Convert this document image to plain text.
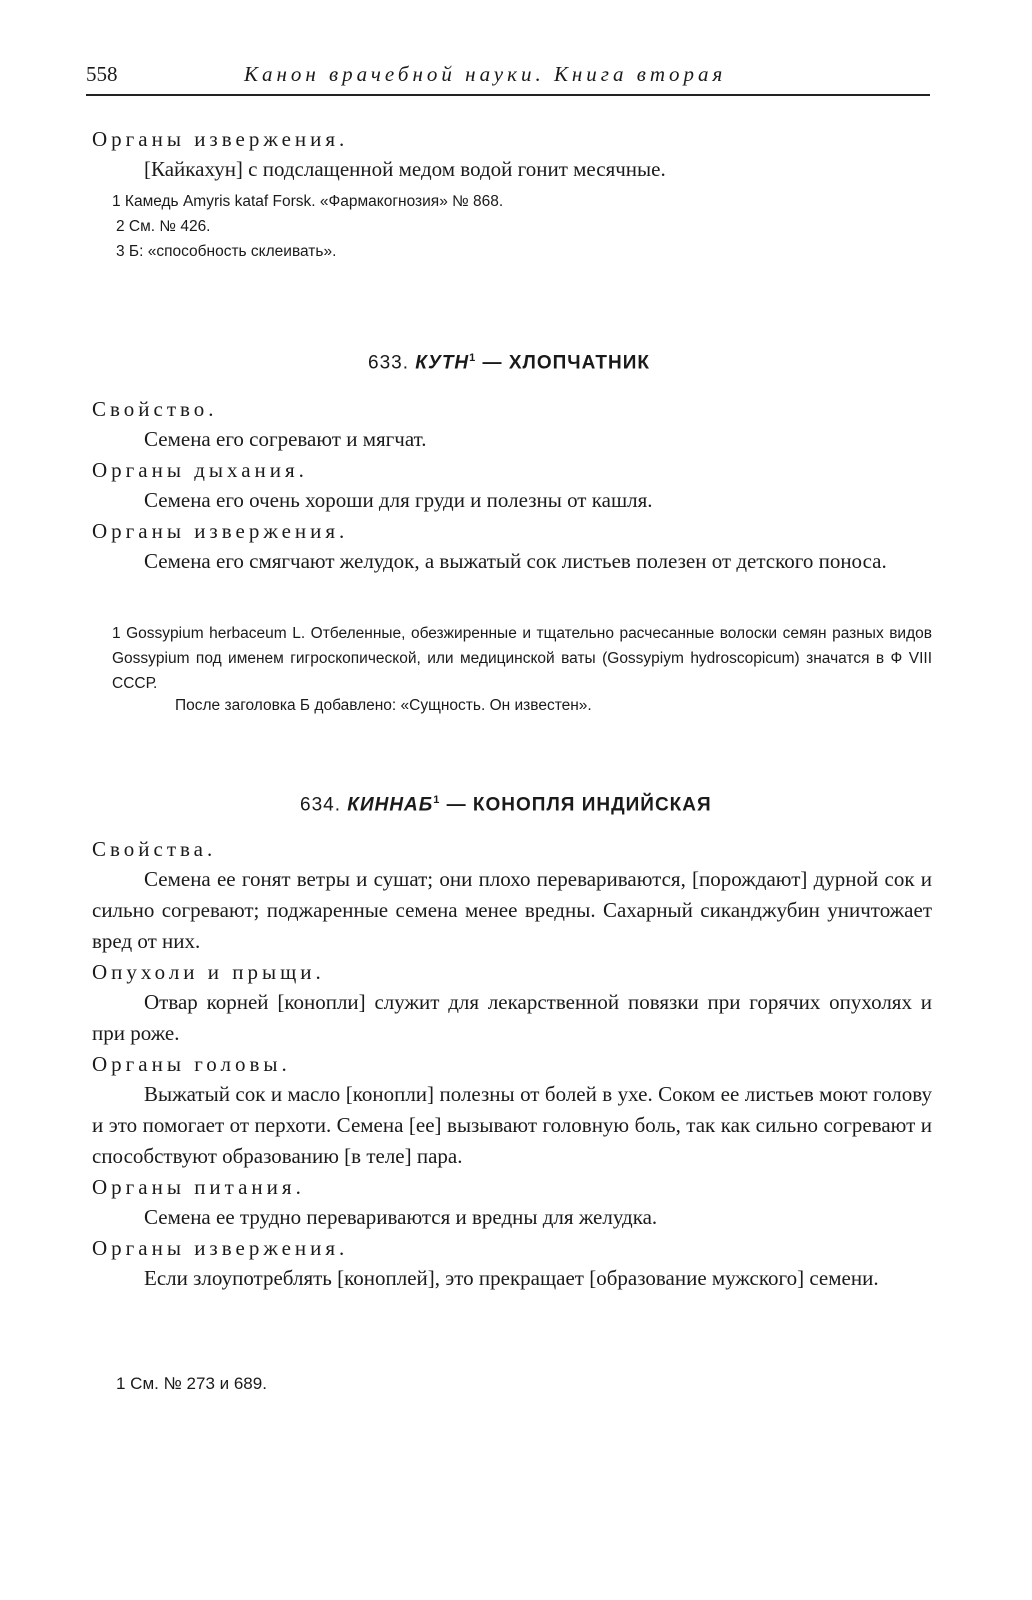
558	Канон врачебной науки. Книга вторая

Органы извержения.

[Кайкахун] с подслащенной медом водой гонит месячные.

1 Камедь Amyris kataf Forsk. «Фармакогнозия» № 868.
2 См. № 426.
3 Б: «способность склеивать».
633. КУТН$^1$ — ХЛОПЧАТНИК

Свойство.

Семена его согревают и мягчат.

Органы дыхания.

Семена его очень хороши для груди и полезны от кашля.

Органы извержения.

Семена его смягчают желудок, а выжатый сок листьев полезен от детского поноса.

1 Gossypium herbaceum L. Отбеленные, обезжиренные и тщательно расчесанные волоски семян разных видов Gossypium под именем гигроскопической, или медицинской ваты (Gossypiym hydroscopicum) значатся в Ф VIII СССР.
После заголовка Б добавлено: «Сущность. Он известен».
634. КИННАБ$^1$ — КОНОПЛЯ ИНДИЙСКАЯ

Свойства.

Семена ее гонят ветры и сушат; они плохо перевариваются, [порождают] дурной сок и сильно согревают; поджаренные семена менее вредны. Сахарный сиканджубин уничтожает вред от них.

Опухоли и прыщи.

Отвар корней [конопли] служит для лекарственной повязки при горячих опухолях и при роже.

Органы головы.

Выжатый сок и масло [конопли] полезны от болей в ухе. Соком ее листьев моют голову и это помогает от перхоти. Семена [ее] вызывают головную боль, так как сильно согревают и способствуют образованию [в теле] пара.

Органы питания.

Семена ее трудно перевариваются и вредны для желудка.

Органы извержения.

Если злоупотреблять [коноплей], это прекращает [образование мужского] семени.

1 См. № 273 и 689.
